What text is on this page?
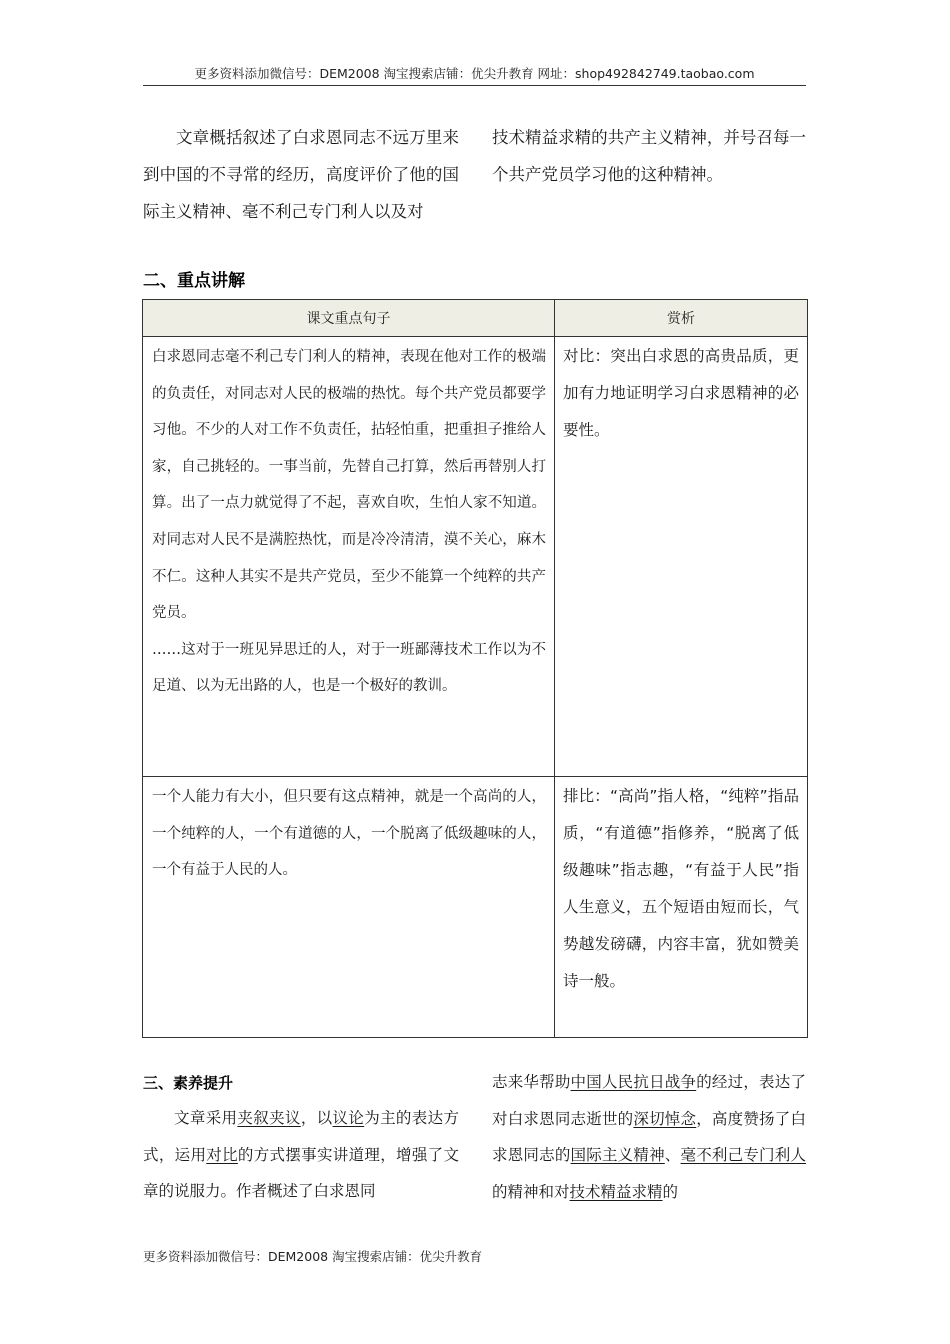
更多资料添加微信号：DEM2008 淘宝搜索店铺：优尖升教育 网址：shop492842749.taobao.com
文章概括叙述了白求恩同志不远万里来到中国的不寻常的经历，高度评价了他的国际主义精神、毫不利己专门利人以及对
技术精益求精的共产主义精神，并号召每一个共产党员学习他的这种精神。
二、重点讲解
课文重点句子	赏析

白求恩同志毫不利己专门利人的精神，表现在他对工作的极端的负责任，对同志对人民的极端的热忱。每个共产党员都要学习他。不少的人对工作不负责任，拈轻怕重，把重担子推给人家，自己挑轻的。一事当前，先替自己打算，然后再替别人打算。出了一点力就觉得了不起，喜欢自吹，生怕人家不知道。对同志对人民不是满腔热忱，而是冷冷清清，漠不关心，麻木不仁。这种人其实不是共产党员，至少不能算一个纯粹的共产党员。

……这对于一班见异思迁的人，对于一班鄙薄技术工作以为不足道、以为无出路的人，也是一个极好的教训。	对比：突出白求恩的高贵品质，更加有力地证明学习白求恩精神的必要性。

一个人能力有大小，但只要有这点精神，就是一个高尚的人，一个纯粹的人，一个有道德的人，一个脱离了低级趣味的人，一个有益于人民的人。	排比：“高尚”指人格，“纯粹”指品质，“有道德”指修养，“脱离了低级趣味”指志趣，“有益于人民”指人生意义，五个短语由短而长，气势越发磅礴，内容丰富，犹如赞美诗一般。

三、素养提升
文章采用夹叙夹议，以议论为主的表达方式，运用对比的方式摆事实讲道理，增强了文章的说服力。作者概述了白求恩同
志来华帮助中国人民抗日战争的经过，表达了对白求恩同志逝世的深切悼念，高度赞扬了白求恩同志的国际主义精神、毫不利己专门利人的精神和对技术精益求精的
更多资料添加微信号：DEM2008 淘宝搜索店铺：优尖升教育
